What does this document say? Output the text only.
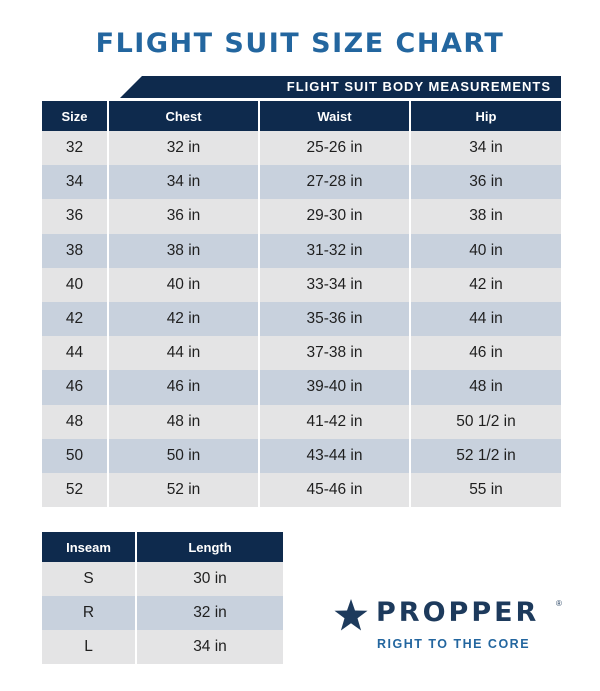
FLIGHT SUIT SIZE CHART
FLIGHT SUIT BODY MEASUREMENTS
Size	Chest	Waist	Hip
32	32 in	25-26 in	34 in
34	34 in	27-28 in	36 in
36	36 in	29-30 in	38 in
38	38 in	31-32 in	40 in
40	40 in	33-34 in	42 in
42	42 in	35-36 in	44 in
44	44 in	37-38 in	46 in
46	46 in	39-40 in	48 in
48	48 in	41-42 in	50 1/2 in
50	50 in	43-44 in	52 1/2 in
52	52 in	45-46 in	55 in
Inseam	Length
S	30 in
R	32 in
L	34 in
PROPPER ®
RIGHT TO THE CORE
